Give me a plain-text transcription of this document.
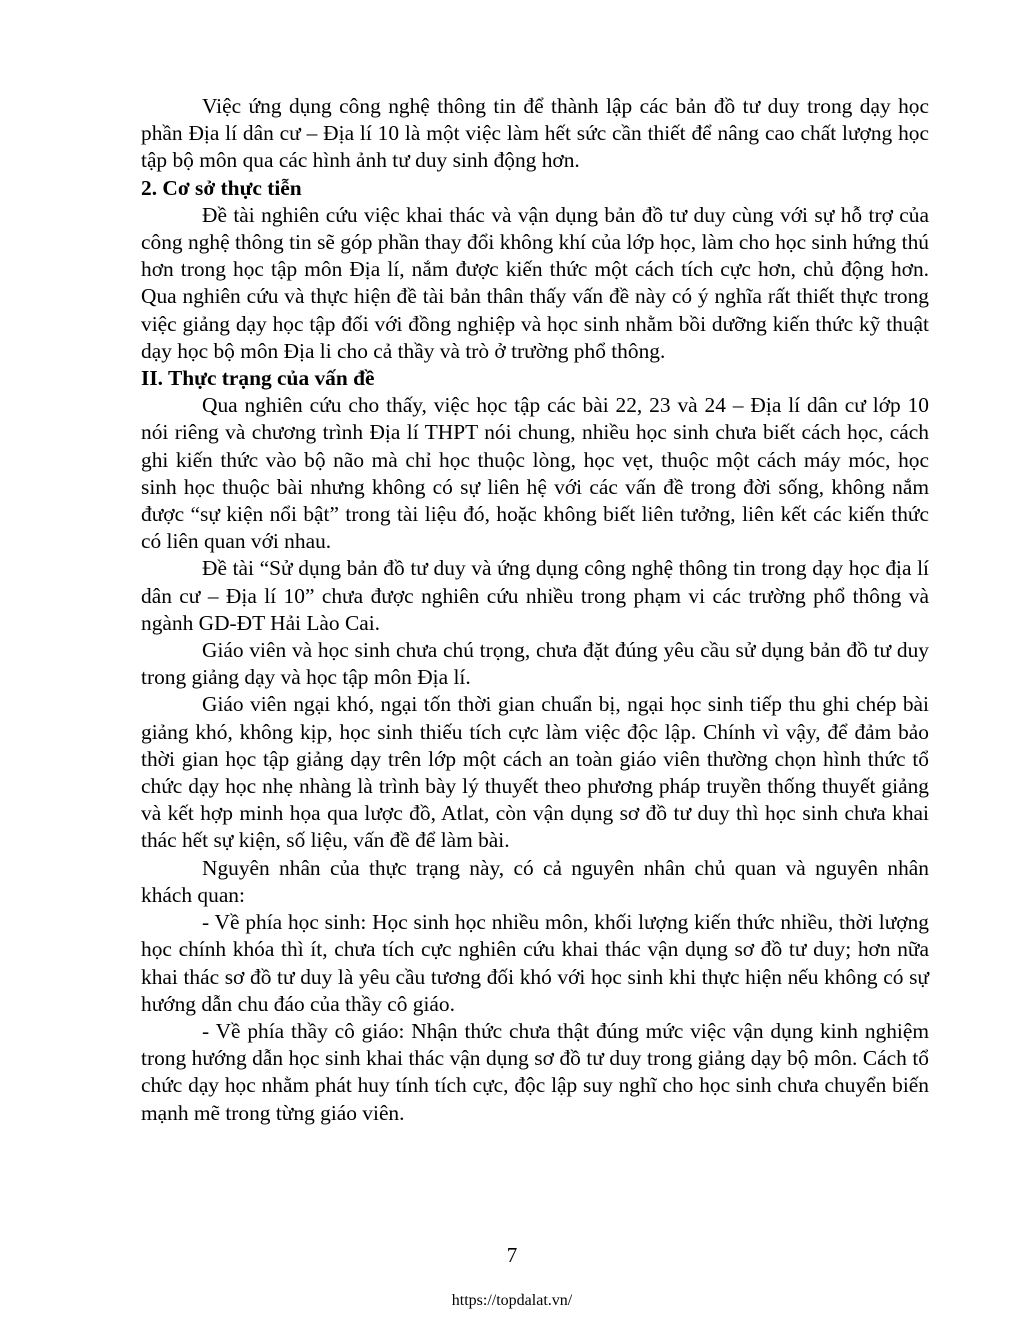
Việc ứng dụng công nghệ thông tin để thành lập các bản đồ tư duy trong dạy học phần Địa lí dân cư – Địa lí 10 là một việc làm hết sức cần thiết để nâng cao chất lượng học tập bộ môn qua các hình ảnh tư duy sinh động hơn.

2. Cơ sở thực tiễn

Đề tài nghiên cứu việc khai thác và vận dụng bản đồ tư duy cùng với sự hỗ trợ của công nghệ thông tin sẽ góp phần thay đổi không khí của lớp học, làm cho học sinh hứng thú hơn trong học tập môn Địa lí, nắm được kiến thức một cách tích cực hơn, chủ động hơn. Qua nghiên cứu và thực hiện đề tài bản thân thấy vấn đề này có ý nghĩa rất thiết thực trong việc giảng dạy học tập đối với đồng nghiệp và học sinh nhằm bồi dưỡng kiến thức kỹ thuật dạy học bộ môn Địa li cho cả thầy và trò ở trường phổ thông.

II. Thực trạng của vấn đề

Qua nghiên cứu cho thấy, việc học tập các bài 22, 23 và 24 – Địa lí dân cư lớp 10 nói riêng và chương trình Địa lí THPT nói chung, nhiều học sinh chưa biết cách học, cách ghi kiến thức vào bộ não mà chỉ học thuộc lòng, học vẹt, thuộc một cách máy móc, học sinh học thuộc bài nhưng không có sự liên hệ với các vấn đề trong đời sống, không nắm được “sự kiện nổi bật” trong tài liệu đó, hoặc không biết liên tưởng, liên kết các kiến thức có liên quan với nhau.

Đề tài “Sử dụng bản đồ tư duy và ứng dụng công nghệ thông tin trong dạy học địa lí dân cư – Địa lí 10” chưa được nghiên cứu nhiều trong phạm vi các trường phổ thông và ngành GD-ĐT Hải Lào Cai.

Giáo viên và học sinh chưa chú trọng, chưa đặt đúng yêu cầu sử dụng bản đồ tư duy trong giảng dạy và học tập môn Địa lí.

Giáo viên ngại khó, ngại tốn thời gian chuẩn bị, ngại học sinh tiếp thu ghi chép bài giảng khó, không kịp, học sinh thiếu tích cực làm việc độc lập. Chính vì vậy, để đảm bảo thời gian học tập giảng dạy trên lớp một cách an toàn giáo viên thường chọn hình thức tổ chức dạy học nhẹ nhàng là trình bày lý thuyết theo phương pháp truyền thống thuyết giảng và kết hợp minh họa qua lược đồ, Atlat, còn vận dụng sơ đồ tư duy thì học sinh chưa khai thác hết sự kiện, số liệu, vấn đề để làm bài.

Nguyên nhân của thực trạng này, có cả nguyên nhân chủ quan và nguyên nhân khách quan:

- Về phía học sinh: Học sinh học nhiều môn, khối lượng kiến thức nhiều, thời lượng học chính khóa thì ít, chưa tích cực nghiên cứu khai thác vận dụng sơ đồ tư duy; hơn nữa khai thác sơ đồ tư duy là yêu cầu tương đối khó với học sinh khi thực hiện nếu không có sự hướng dẫn chu đáo của thầy cô giáo.

- Về phía thầy cô giáo: Nhận thức chưa thật đúng mức việc vận dụng kinh nghiệm trong hướng dẫn học sinh khai thác vận dụng sơ đồ tư duy trong giảng dạy bộ môn. Cách tổ chức dạy học nhằm phát huy tính tích cực, độc lập suy nghĩ cho học sinh chưa chuyển biến mạnh mẽ trong từng giáo viên.

7
https://topdalat.vn/
